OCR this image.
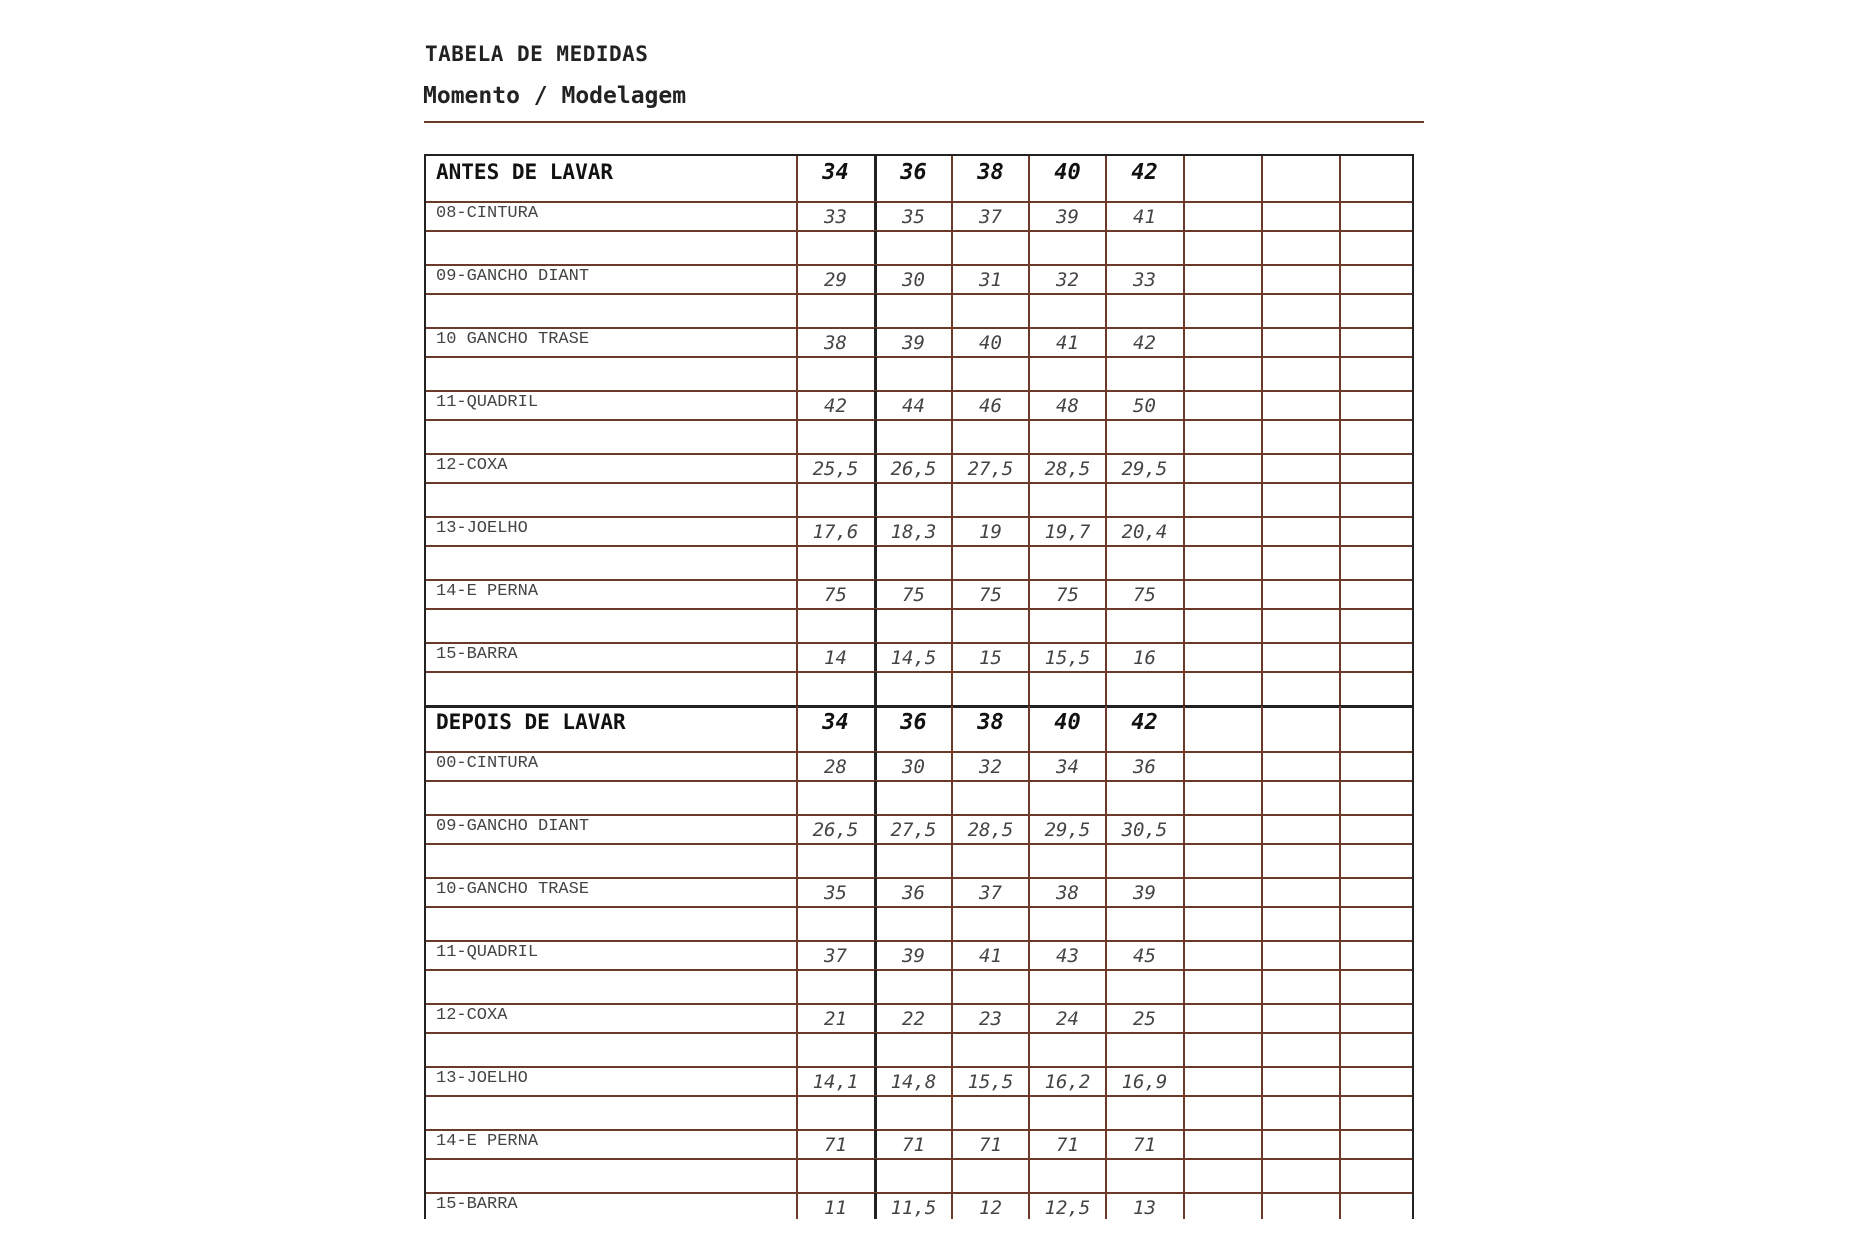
TABELA DE MEDIDAS
Momento / Modelagem
ANTES DE LAVAR	34	36	38	40	42
08-CINTURA	33	35	37	39	41
09-GANCHO DIANT	29	30	31	32	33
10 GANCHO TRASE	38	39	40	41	42
11-QUADRIL	42	44	46	48	50
12-COXA	25,5	26,5	27,5	28,5	29,5
13-JOELHO	17,6	18,3	19	19,7	20,4
14-E PERNA	75	75	75	75	75
15-BARRA	14	14,5	15	15,5	16
DEPOIS DE LAVAR	34	36	38	40	42
00-CINTURA	28	30	32	34	36
09-GANCHO DIANT	26,5	27,5	28,5	29,5	30,5
10-GANCHO TRASE	35	36	37	38	39
11-QUADRIL	37	39	41	43	45
12-COXA	21	22	23	24	25
13-JOELHO	14,1	14,8	15,5	16,2	16,9
14-E PERNA	71	71	71	71	71
15-BARRA	11	11,5	12	12,5	13
